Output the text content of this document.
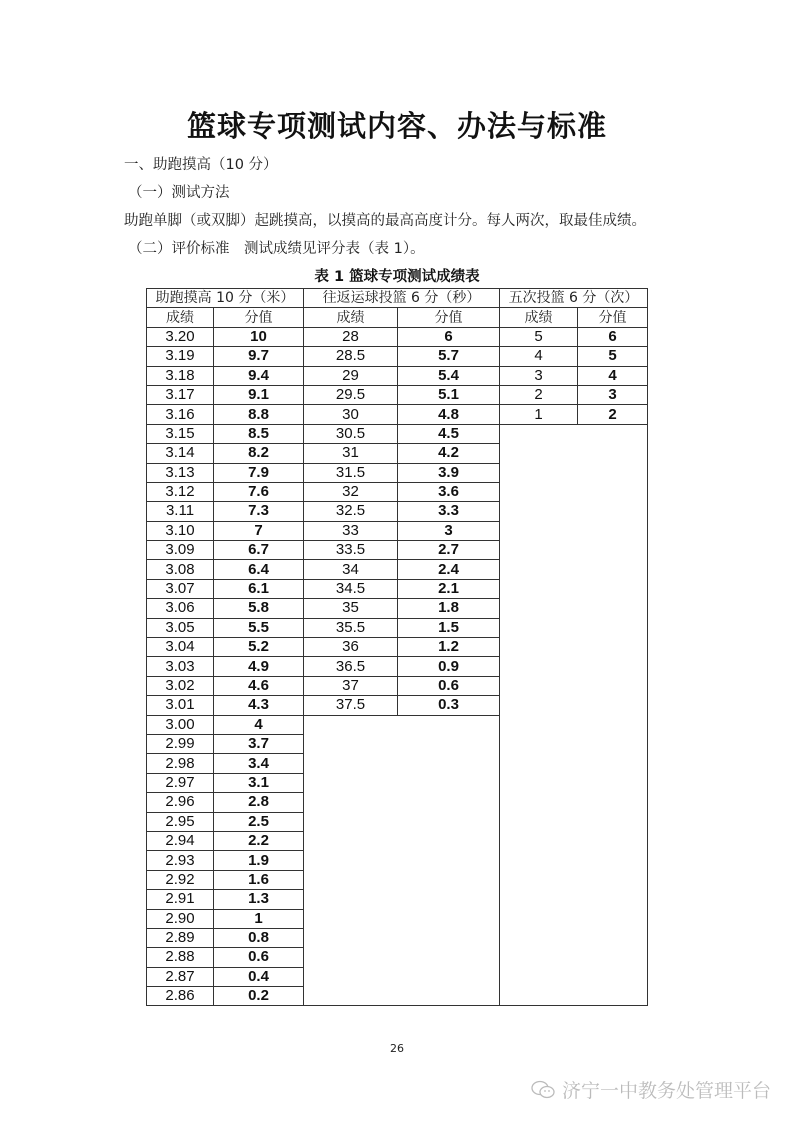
篮球专项测试内容、办法与标准
一、助跑摸高（10 分）
（一）测试方法
助跑单脚（或双脚）起跳摸高，以摸高的最高高度计分。每人两次，取最佳成绩。
（二）评价标准　测试成绩见评分表（表 1）。
表 1 篮球专项测试成绩表
助跑摸高 10 分（米）		往返运球投篮 6 分（秒）		五次投篮 6 分（次）	
成绩	分值	成绩	分值	成绩	分值
3.20	10	28	6	5	6
3.19	9.7	28.5	5.7	4	5
3.18	9.4	29	5.4	3	4
3.17	9.1	29.5	5.1	2	3
3.16	8.8	30	4.8	1	2
3.15	8.5	30.5	4.5		
3.14	8.2	31	4.2		
3.13	7.9	31.5	3.9		
3.12	7.6	32	3.6		
3.11	7.3	32.5	3.3		
3.10	7	33	3		
3.09	6.7	33.5	2.7		
3.08	6.4	34	2.4		
3.07	6.1	34.5	2.1		
3.06	5.8	35	1.8		
3.05	5.5	35.5	1.5		
3.04	5.2	36	1.2		
3.03	4.9	36.5	0.9		
3.02	4.6	37	0.6		
3.01	4.3	37.5	0.3		
3.00	4				
2.99	3.7				
2.98	3.4				
2.97	3.1				
2.96	2.8				
2.95	2.5				
2.94	2.2				
2.93	1.9				
2.92	1.6				
2.91	1.3				
2.90	1				
2.89	0.8				
2.88	0.6				
2.87	0.4				
2.86	0.2				
26
济宁一中教务处管理平台
